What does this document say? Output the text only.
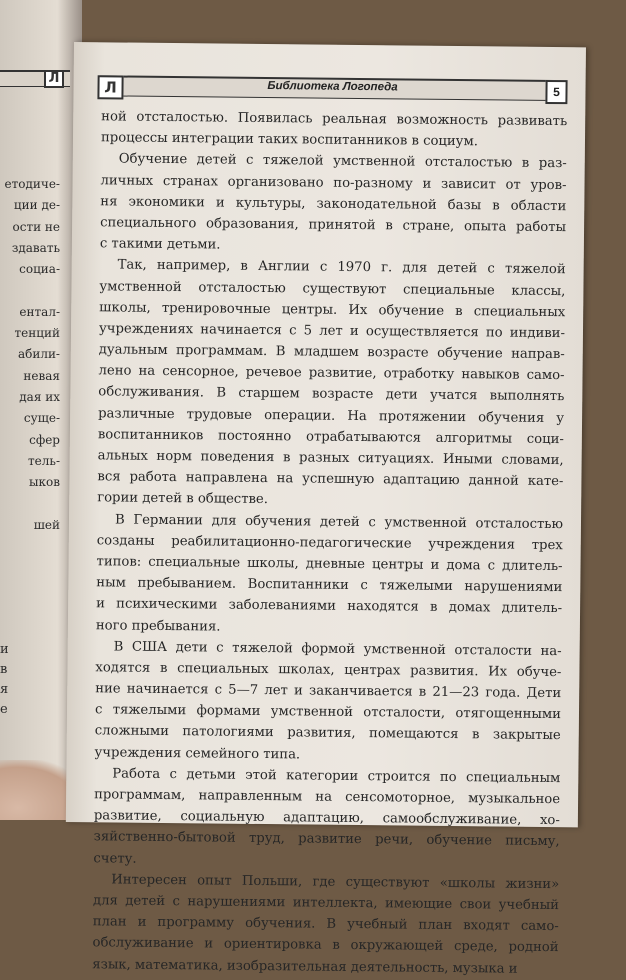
Л
етодиче-
ции де-
ости не
здавать
социа-
ентал-
тенций
абили-
невая
дая их
суще-
сфер
тель-
ыков
шей
и
в
я
е
Л	Библиотека Логопеда	5
ной отсталостью. Появилась реальная возможность развивать
процессы интеграции таких воспитанников в социум.
Обучение детей с тяжелой умственной отсталостью в раз-
личных странах организовано по-разному и зависит от уров-
ня экономики и культуры, законодательной базы в области
специального образования, принятой в стране, опыта работы
с такими детьми.
Так, например, в Англии с 1970 г. для детей с тяжелой
умственной отсталостью существуют специальные классы,
школы, тренировочные центры. Их обучение в специальных
учреждениях начинается с 5 лет и осуществляется по индиви-
дуальным программам. В младшем возрасте обучение направ-
лено на сенсорное, речевое развитие, отработку навыков само-
обслуживания. В старшем возрасте дети учатся выполнять
различные трудовые операции. На протяжении обучения у
воспитанников постоянно отрабатываются алгоритмы соци-
альных норм поведения в разных ситуациях. Иными словами,
вся работа направлена на успешную адаптацию данной кате-
гории детей в обществе.
В Германии для обучения детей с умственной отсталостью
созданы реабилитационно-педагогические учреждения трех
типов: специальные школы, дневные центры и дома с длитель-
ным пребыванием. Воспитанники с тяжелыми нарушениями
и психическими заболеваниями находятся в домах длитель-
ного пребывания.
В США дети с тяжелой формой умственной отсталости на-
ходятся в специальных школах, центрах развития. Их обуче-
ние начинается с 5—7 лет и заканчивается в 21—23 года. Дети
с тяжелыми формами умственной отсталости, отягощенными
сложными патологиями развития, помещаются в закрытые
учреждения семейного типа.
Работа с детьми этой категории строится по специальным
программам, направленным на сенсомоторное, музыкальное
развитие, социальную адаптацию, самообслуживание, хо-
зяйственно-бытовой труд, развитие речи, обучение письму,
счету.
Интересен опыт Польши, где существуют «школы жизни»
для детей с нарушениями интеллекта, имеющие свои учебный
план и программу обучения. В учебный план входят само-
обслуживание и ориентировка в окружающей среде, родной
язык, математика, изобразительная деятельность, музыка и
